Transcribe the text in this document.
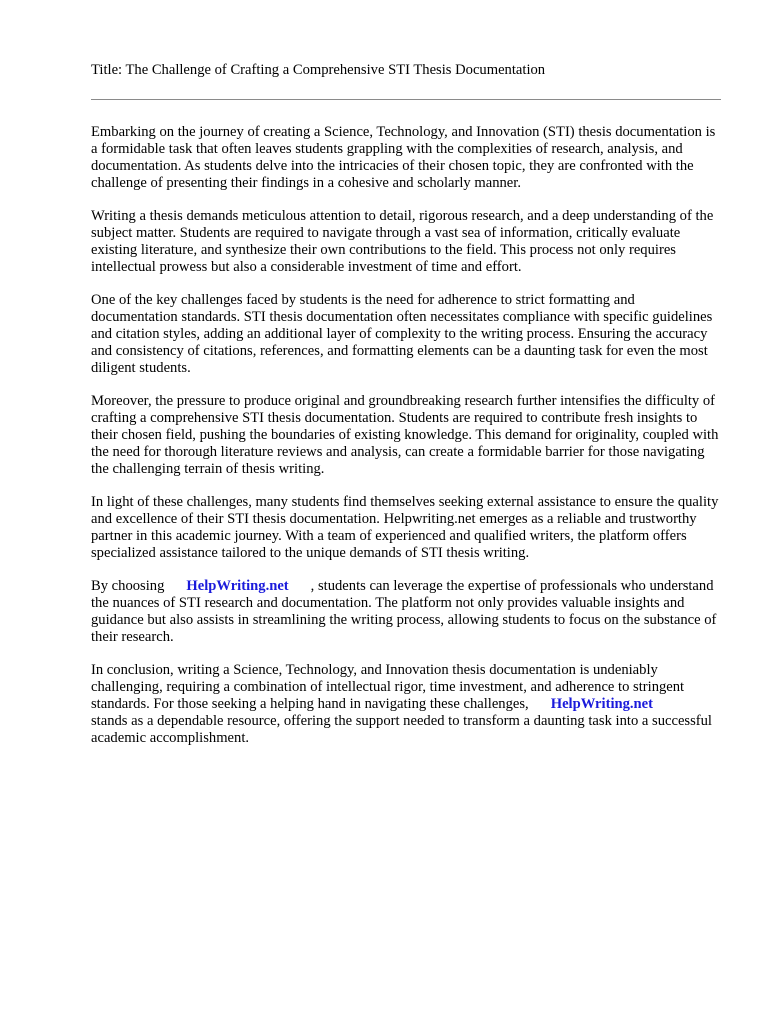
Title: The Challenge of Crafting a Comprehensive STI Thesis Documentation

Embarking on the journey of creating a Science, Technology, and Innovation (STI) thesis documentation is a formidable task that often leaves students grappling with the complexities of research, analysis, and documentation. As students delve into the intricacies of their chosen topic, they are confronted with the challenge of presenting their findings in a cohesive and scholarly manner.

Writing a thesis demands meticulous attention to detail, rigorous research, and a deep understanding of the subject matter. Students are required to navigate through a vast sea of information, critically evaluate existing literature, and synthesize their own contributions to the field. This process not only requires intellectual prowess but also a considerable investment of time and effort.

One of the key challenges faced by students is the need for adherence to strict formatting and documentation standards. STI thesis documentation often necessitates compliance with specific guidelines and citation styles, adding an additional layer of complexity to the writing process. Ensuring the accuracy and consistency of citations, references, and formatting elements can be a daunting task for even the most diligent students.

Moreover, the pressure to produce original and groundbreaking research further intensifies the difficulty of crafting a comprehensive STI thesis documentation. Students are required to contribute fresh insights to their chosen field, pushing the boundaries of existing knowledge. This demand for originality, coupled with the need for thorough literature reviews and analysis, can create a formidable barrier for those navigating the challenging terrain of thesis writing.

In light of these challenges, many students find themselves seeking external assistance to ensure the quality and excellence of their STI thesis documentation. Helpwriting.net emerges as a reliable and trustworthy partner in this academic journey. With a team of experienced and qualified writers, the platform offers specialized assistance tailored to the unique demands of STI thesis writing.

By choosing HelpWriting.net , students can leverage the expertise of professionals who understand the nuances of STI research and documentation. The platform not only provides valuable insights and guidance but also assists in streamlining the writing process, allowing students to focus on the substance of their research.

In conclusion, writing a Science, Technology, and Innovation thesis documentation is undeniably challenging, requiring a combination of intellectual rigor, time investment, and adherence to stringent standards. For those seeking a helping hand in navigating these challenges, HelpWriting.net
stands as a dependable resource, offering the support needed to transform a daunting task into a successful academic accomplishment.
